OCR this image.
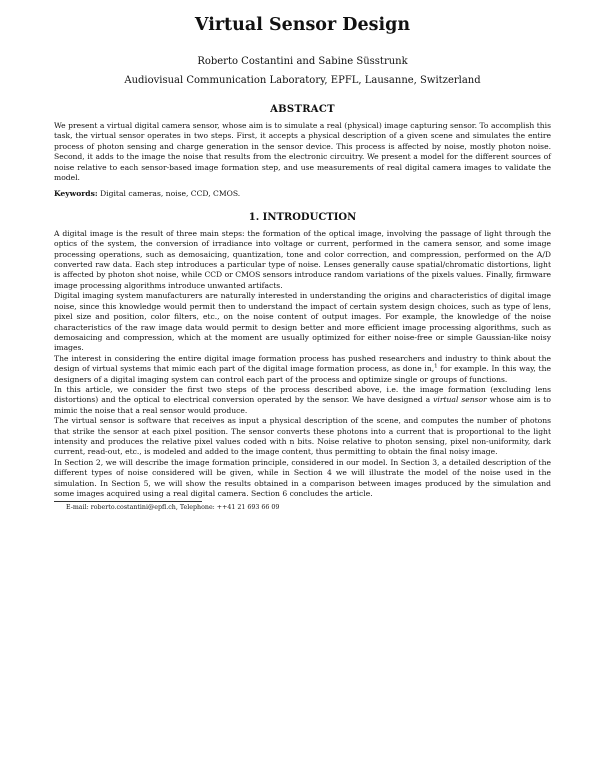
Virtual Sensor Design
Roberto Costantini and Sabine Süsstrunk
Audiovisual Communication Laboratory, EPFL, Lausanne, Switzerland
ABSTRACT

We present a virtual digital camera sensor, whose aim is to simulate a real (physical) image capturing sensor. To accomplish this task, the virtual sensor operates in two steps. First, it accepts a physical description of a given scene and simulates the entire process of photon sensing and charge generation in the sensor device. This process is affected by noise, mostly photon noise. Second, it adds to the image the noise that results from the electronic circuitry. We present a model for the different sources of noise relative to each sensor-based image formation step, and use measurements of real digital camera images to validate the model.

Keywords: Digital cameras, noise, CCD, CMOS.
1. INTRODUCTION

A digital image is the result of three main steps: the formation of the optical image, involving the passage of light through the optics of the system, the conversion of irradiance into voltage or current, performed in the camera sensor, and some image processing operations, such as demosaicing, quantization, tone and color correction, and compression, performed on the A/D converted raw data. Each step introduces a particular type of noise. Lenses generally cause spatial/chromatic distortions, light is affected by photon shot noise, while CCD or CMOS sensors introduce random variations of the pixels values. Finally, firmware image processing algorithms introduce unwanted artifacts.

Digital imaging system manufacturers are naturally interested in understanding the origins and characteristics of digital image noise, since this knowledge would permit then to understand the impact of certain system design choices, such as type of lens, pixel size and position, color filters, etc., on the noise content of output images. For example, the knowledge of the noise characteristics of the raw image data would permit to design better and more efficient image processing algorithms, such as demosaicing and compression, which at the moment are usually optimized for either noise-free or simple Gaussian-like noisy images.

The interest in considering the entire digital image formation process has pushed researchers and industry to think about the design of virtual systems that mimic each part of the digital image formation process, as done in,$^1$ for example. In this way, the designers of a digital imaging system can control each part of the process and optimize single or groups of functions.

In this article, we consider the first two steps of the process described above, i.e. the image formation (excluding lens distortions) and the optical to electrical conversion operated by the sensor. We have designed a virtual sensor whose aim is to mimic the noise that a real sensor would produce.

The virtual sensor is software that receives as input a physical description of the scene, and computes the number of photons that strike the sensor at each pixel position. The sensor converts these photons into a current that is proportional to the light intensity and produces the relative pixel values coded with n bits. Noise relative to photon sensing, pixel non-uniformity, dark current, read-out, etc., is modeled and added to the image content, thus permitting to obtain the final noisy image.

In Section 2, we will describe the image formation principle, considered in our model. In Section 3, a detailed description of the different types of noise considered will be given, while in Section 4 we will illustrate the model of the noise used in the simulation. In Section 5, we will show the results obtained in a comparison between images produced by the simulation and some images acquired using a real digital camera. Section 6 concludes the article.

E-mail: roberto.costantini@epfl.ch, Telephone: ++41 21 693 66 09
